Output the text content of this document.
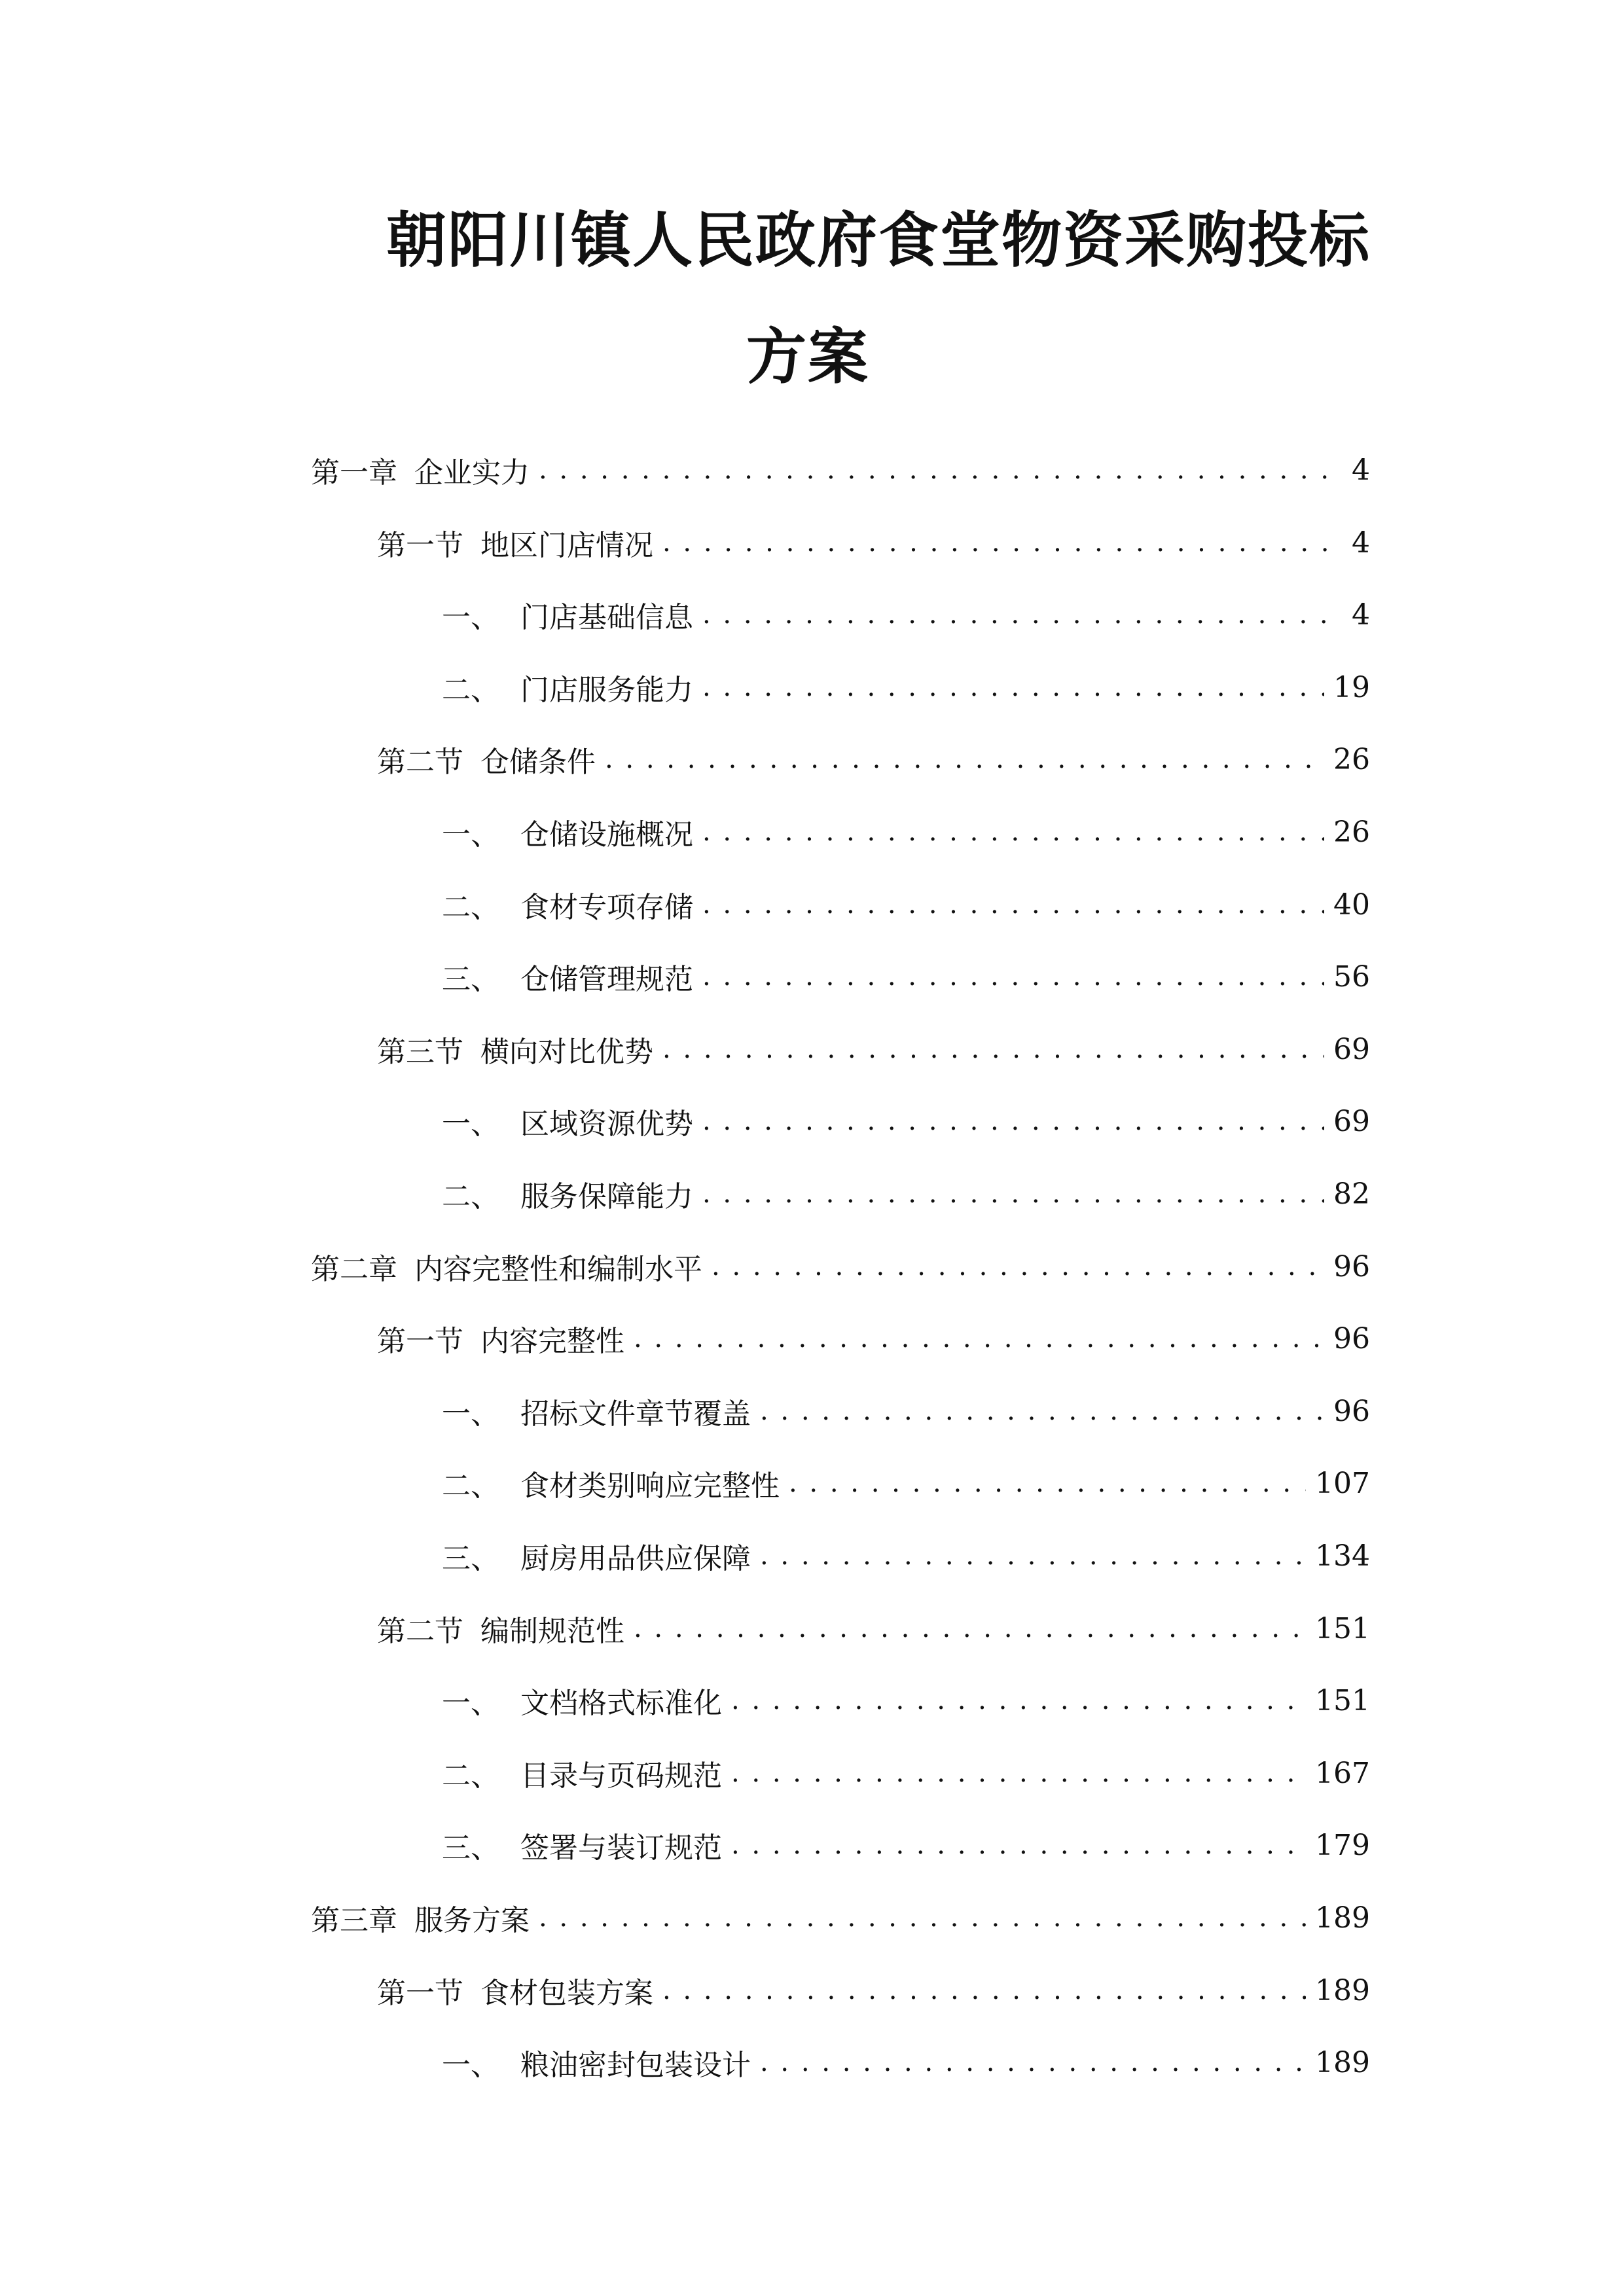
朝阳川镇人民政府食堂物资采购投标
方案
第一章 企业实力 . . .	4
第一节 地区门店情况 . . .	4
一、 门店基础信息 . . .	4
二、 门店服务能力 . . .	19
第二节 仓储条件 . . .	26
一、 仓储设施概况 . . .	26
二、 食材专项存储 . . .	40
三、 仓储管理规范 . . .	56
第三节 横向对比优势 . . .	69
一、 区域资源优势 . . .	69
二、 服务保障能力 . . .	82
第二章 内容完整性和编制水平 . . .	96
第一节 内容完整性 . . .	96
一、 招标文件章节覆盖 . . .	96
二、 食材类别响应完整性 . . .	107
三、 厨房用品供应保障 . . .	134
第二节 编制规范性 . . .	151
一、 文档格式标准化 . . .	151
二、 目录与页码规范 . . .	167
三、 签署与装订规范 . . .	179
第三章 服务方案 . . .	189
第一节 食材包装方案 . . .	189
一、 粮油密封包装设计 . . .	189
